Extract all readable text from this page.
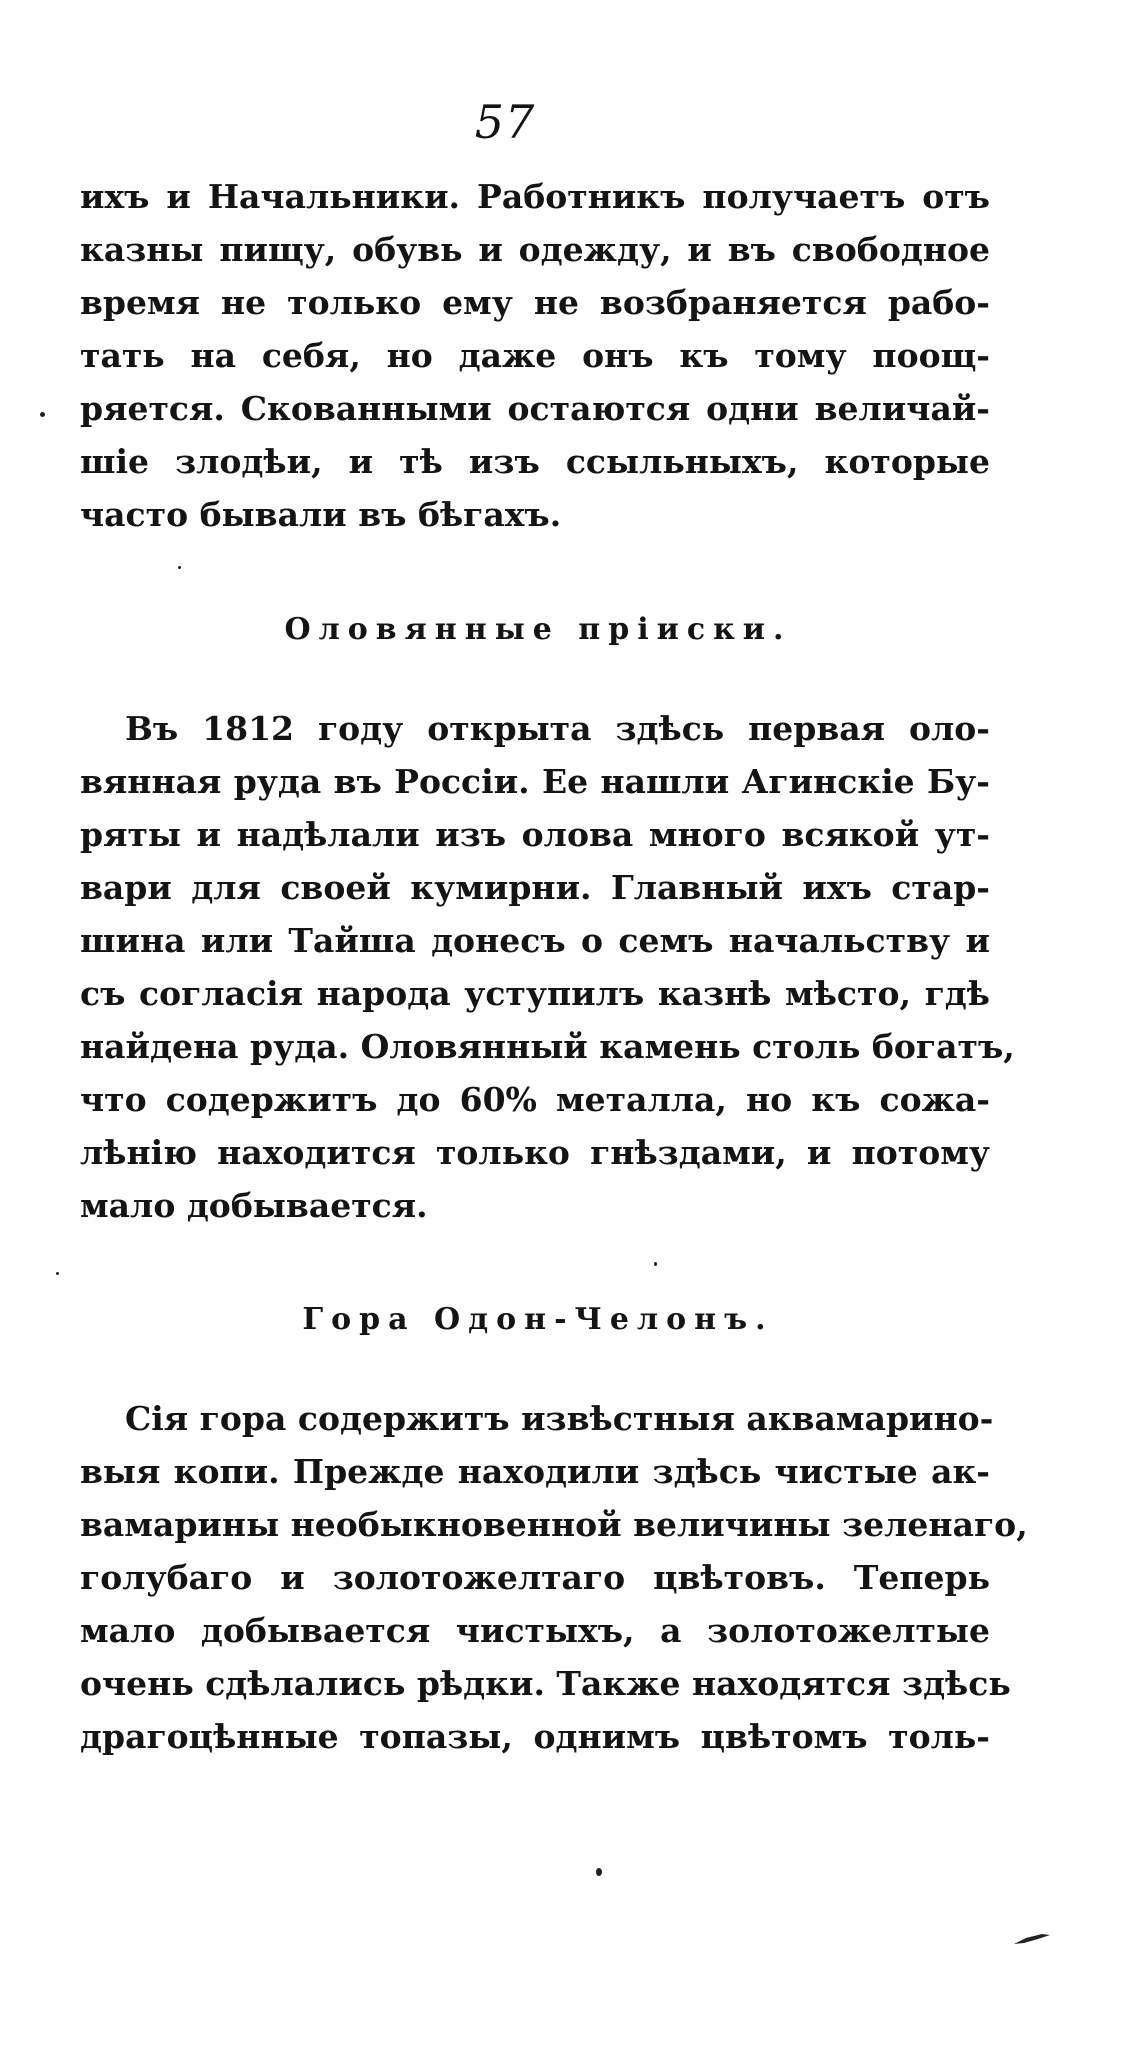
57
ихъ и Начальники. Работникъ получаетъ отъ
казны пищу, обувь и одежду, и въ свободное
время не только ему не возбраняется рабо-
тать на себя, но даже онъ къ тому поощ-
ряется. Скованными остаются одни величай-
шіе злодѣи, и тѣ изъ ссыльныхъ, которые
часто бывали въ бѣгахъ.
Оловянные пріиски.
Въ 1812 году открыта здѣсь первая оло-
вянная руда въ Россіи. Ее нашли Агинскіе Бу-
ряты и надѣлали изъ олова много всякой ут-
вари для своей кумирни. Главный ихъ стар-
шина или Тайша донесъ о семъ начальству и
съ согласія народа уступилъ казнѣ мѣсто, гдѣ
найдена руда. Оловянный камень столь богатъ,
что содержитъ до 60% металла, но къ сожа-
лѣнію находится только гнѣздами, и потому
мало добывается.
Гора Одон-Челонъ.
Сія гора содержитъ извѣстныя аквамарино-
выя копи. Прежде находили здѣсь чистые ак-
вамарины необыкновенной величины зеленаго,
голубаго и золотожелтаго цвѣтовъ. Теперь
мало добывается чистыхъ, а золотожелтые
очень сдѣлались рѣдки. Также находятся здѣсь
драгоцѣнные топазы, однимъ цвѣтомъ толь-
